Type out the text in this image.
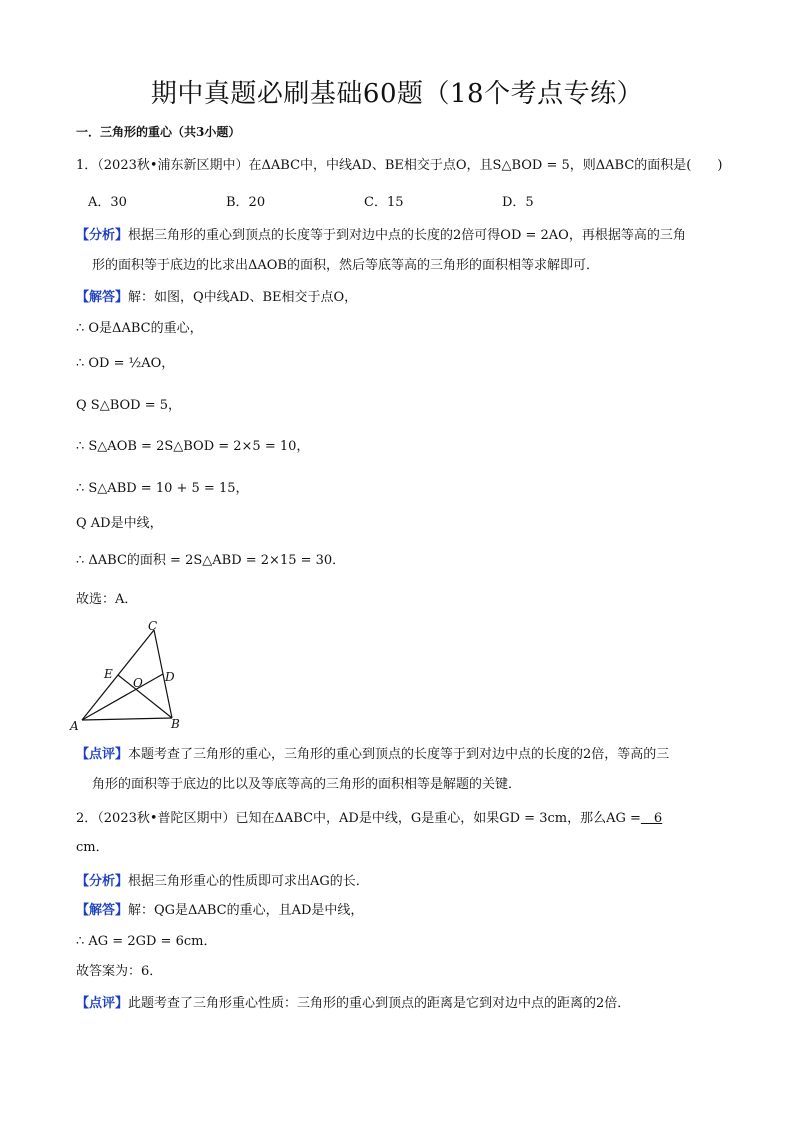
期中真题必刷基础60题（18个考点专练）
一．三角形的重心（共3小题）
1．（2023秋•浦东新区期中）在ΔABC中，中线AD、BE相交于点O，且S△BOD = 5，则ΔABC的面积是(　　)
A．30	B．20	C．15	D．5
【分析】根据三角形的重心到顶点的长度等于到对边中点的长度的2倍可得OD = 2AO，再根据等高的三角
形的面积等于底边的比求出ΔAOB的面积，然后等底等高的三角形的面积相等求解即可．
【解答】解：如图，Q中线AD、BE相交于点O，
∴ O是ΔABC的重心，
∴ OD = ½AO，
Q S△BOD = 5，
∴ S△AOB = 2S△BOD = 2×5 = 10，
∴ S△ABD = 10 + 5 = 15，
Q AD是中线，
∴ ΔABC的面积 = 2S△ABD = 2×15 = 30．
故选：A．
C
E
O D
A	B
【点评】本题考查了三角形的重心，三角形的重心到顶点的长度等于到对边中点的长度的2倍，等高的三
角形的面积等于底边的比以及等底等高的三角形的面积相等是解题的关键．
2．（2023秋•普陀区期中）已知在ΔABC中，AD是中线，G是重心，如果GD = 3cm，那么AG =　6
cm．
【分析】根据三角形重心的性质即可求出AG的长．
【解答】解：QG是ΔABC的重心，且AD是中线，
∴ AG = 2GD = 6cm．
故答案为：6．
【点评】此题考查了三角形重心性质：三角形的重心到顶点的距离是它到对边中点的距离的2倍．
